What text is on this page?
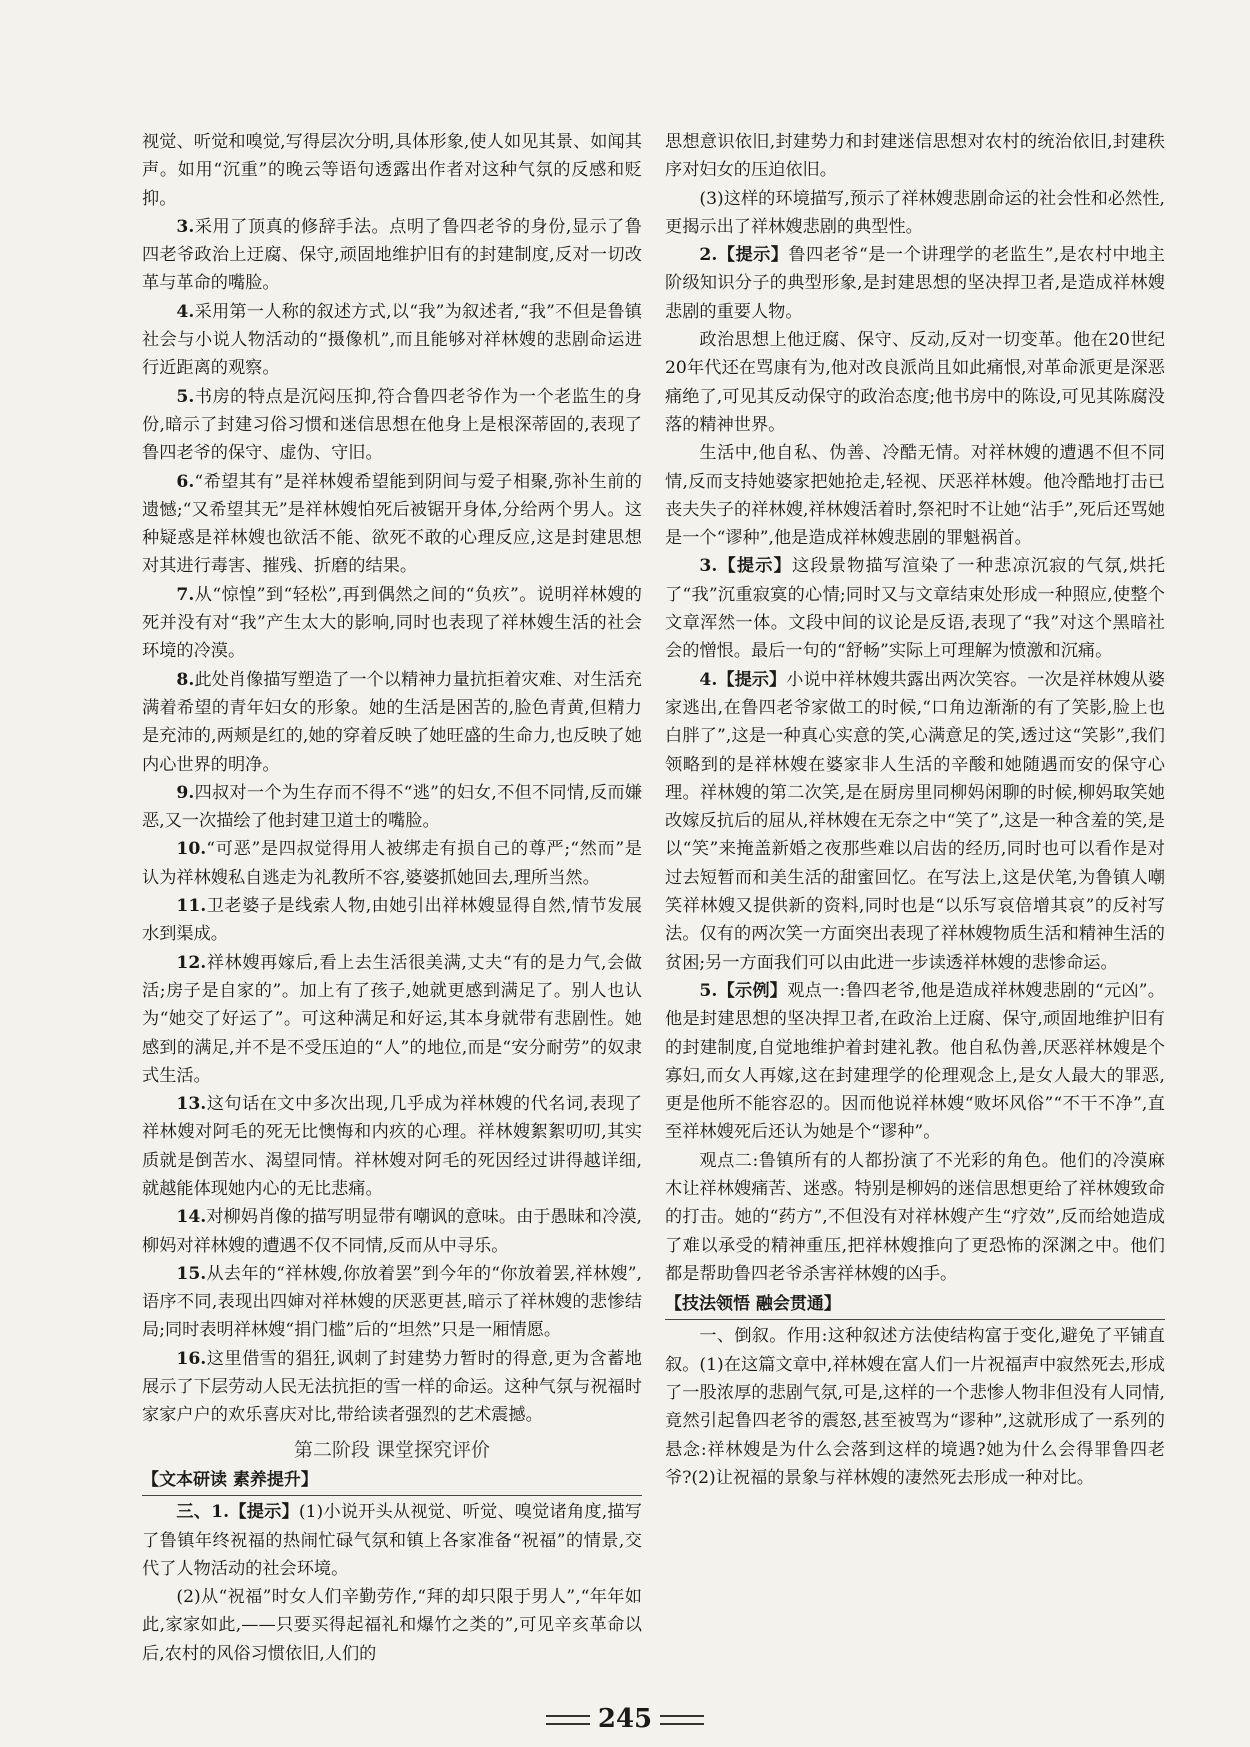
视觉、听觉和嗅觉,写得层次分明,具体形象,使人如见其景、如闻其声。如用“沉重”的晚云等语句透露出作者对这种气氛的反感和贬抑。

3.采用了顶真的修辞手法。点明了鲁四老爷的身份,显示了鲁四老爷政治上迂腐、保守,顽固地维护旧有的封建制度,反对一切改革与革命的嘴脸。

4.采用第一人称的叙述方式,以“我”为叙述者,“我”不但是鲁镇社会与小说人物活动的“摄像机”,而且能够对祥林嫂的悲剧命运进行近距离的观察。

5.书房的特点是沉闷压抑,符合鲁四老爷作为一个老监生的身份,暗示了封建习俗习惯和迷信思想在他身上是根深蒂固的,表现了鲁四老爷的保守、虚伪、守旧。

6.“希望其有”是祥林嫂希望能到阴间与爱子相聚,弥补生前的遗憾;“又希望其无”是祥林嫂怕死后被锯开身体,分给两个男人。这种疑惑是祥林嫂也欲活不能、欲死不敢的心理反应,这是封建思想对其进行毒害、摧残、折磨的结果。

7.从“惊惶”到“轻松”,再到偶然之间的“负疚”。说明祥林嫂的死并没有对“我”产生太大的影响,同时也表现了祥林嫂生活的社会环境的冷漠。

8.此处肖像描写塑造了一个以精神力量抗拒着灾难、对生活充满着希望的青年妇女的形象。她的生活是困苦的,脸色青黄,但精力是充沛的,两颊是红的,她的穿着反映了她旺盛的生命力,也反映了她内心世界的明净。

9.四叔对一个为生存而不得不“逃”的妇女,不但不同情,反而嫌恶,又一次描绘了他封建卫道士的嘴脸。

10.“可恶”是四叔觉得用人被绑走有损自己的尊严;“然而”是认为祥林嫂私自逃走为礼教所不容,婆婆抓她回去,理所当然。

11.卫老婆子是线索人物,由她引出祥林嫂显得自然,情节发展水到渠成。

12.祥林嫂再嫁后,看上去生活很美满,丈夫“有的是力气,会做活;房子是自家的”。加上有了孩子,她就更感到满足了。别人也认为“她交了好运了”。可这种满足和好运,其本身就带有悲剧性。她感到的满足,并不是不受压迫的“人”的地位,而是“安分耐劳”的奴隶式生活。

13.这句话在文中多次出现,几乎成为祥林嫂的代名词,表现了祥林嫂对阿毛的死无比懊悔和内疚的心理。祥林嫂絮絮叨叨,其实质就是倒苦水、渴望同情。祥林嫂对阿毛的死因经过讲得越详细,就越能体现她内心的无比悲痛。

14.对柳妈肖像的描写明显带有嘲讽的意味。由于愚昧和冷漠,柳妈对祥林嫂的遭遇不仅不同情,反而从中寻乐。

15.从去年的“祥林嫂,你放着罢”到今年的“你放着罢,祥林嫂”,语序不同,表现出四婶对祥林嫂的厌恶更甚,暗示了祥林嫂的悲惨结局;同时表明祥林嫂“捐门槛”后的“坦然”只是一厢情愿。

16.这里借雪的猖狂,讽刺了封建势力暂时的得意,更为含蓄地展示了下层劳动人民无法抗拒的雪一样的命运。这种气氛与祝福时家家户户的欢乐喜庆对比,带给读者强烈的艺术震撼。

第二阶段 课堂探究评价
【文本研读 素养提升】

三、1.【提示】(1)小说开头从视觉、听觉、嗅觉诸角度,描写了鲁镇年终祝福的热闹忙碌气氛和镇上各家准备“祝福”的情景,交代了人物活动的社会环境。

(2)从“祝福”时女人们辛勤劳作,“拜的却只限于男人”,“年年如此,家家如此,——只要买得起福礼和爆竹之类的”,可见辛亥革命以后,农村的风俗习惯依旧,人们的

思想意识依旧,封建势力和封建迷信思想对农村的统治依旧,封建秩序对妇女的压迫依旧。

(3)这样的环境描写,预示了祥林嫂悲剧命运的社会性和必然性,更揭示出了祥林嫂悲剧的典型性。

2.【提示】鲁四老爷“是一个讲理学的老监生”,是农村中地主阶级知识分子的典型形象,是封建思想的坚决捍卫者,是造成祥林嫂悲剧的重要人物。

政治思想上他迂腐、保守、反动,反对一切变革。他在20世纪20年代还在骂康有为,他对改良派尚且如此痛恨,对革命派更是深恶痛绝了,可见其反动保守的政治态度;他书房中的陈设,可见其陈腐没落的精神世界。

生活中,他自私、伪善、冷酷无情。对祥林嫂的遭遇不但不同情,反而支持她婆家把她抢走,轻视、厌恶祥林嫂。他冷酷地打击已丧夫失子的祥林嫂,祥林嫂活着时,祭祀时不让她“沾手”,死后还骂她是一个“谬种”,他是造成祥林嫂悲剧的罪魁祸首。

3.【提示】这段景物描写渲染了一种悲凉沉寂的气氛,烘托了“我”沉重寂寞的心情;同时又与文章结束处形成一种照应,使整个文章浑然一体。文段中间的议论是反语,表现了“我”对这个黑暗社会的憎恨。最后一句的“舒畅”实际上可理解为愤激和沉痛。

4.【提示】小说中祥林嫂共露出两次笑容。一次是祥林嫂从婆家逃出,在鲁四老爷家做工的时候,“口角边渐渐的有了笑影,脸上也白胖了”,这是一种真心实意的笑,心满意足的笑,透过这“笑影”,我们领略到的是祥林嫂在婆家非人生活的辛酸和她随遇而安的保守心理。祥林嫂的第二次笑,是在厨房里同柳妈闲聊的时候,柳妈取笑她改嫁反抗后的屈从,祥林嫂在无奈之中“笑了”,这是一种含羞的笑,是以“笑”来掩盖新婚之夜那些难以启齿的经历,同时也可以看作是对过去短暂而和美生活的甜蜜回忆。在写法上,这是伏笔,为鲁镇人嘲笑祥林嫂又提供新的资料,同时也是“以乐写哀倍增其哀”的反衬写法。仅有的两次笑一方面突出表现了祥林嫂物质生活和精神生活的贫困;另一方面我们可以由此进一步读透祥林嫂的悲惨命运。

5.【示例】观点一:鲁四老爷,他是造成祥林嫂悲剧的“元凶”。他是封建思想的坚决捍卫者,在政治上迂腐、保守,顽固地维护旧有的封建制度,自觉地维护着封建礼教。他自私伪善,厌恶祥林嫂是个寡妇,而女人再嫁,这在封建理学的伦理观念上,是女人最大的罪恶,更是他所不能容忍的。因而他说祥林嫂“败坏风俗”“不干不净”,直至祥林嫂死后还认为她是个“谬种”。

观点二:鲁镇所有的人都扮演了不光彩的角色。他们的冷漠麻木让祥林嫂痛苦、迷惑。特别是柳妈的迷信思想更给了祥林嫂致命的打击。她的“药方”,不但没有对祥林嫂产生“疗效”,反而给她造成了难以承受的精神重压,把祥林嫂推向了更恐怖的深渊之中。他们都是帮助鲁四老爷杀害祥林嫂的凶手。

【技法领悟 融会贯通】

一、倒叙。作用:这种叙述方法使结构富于变化,避免了平铺直叙。(1)在这篇文章中,祥林嫂在富人们一片祝福声中寂然死去,形成了一股浓厚的悲剧气氛,可是,这样的一个悲惨人物非但没有人同情,竟然引起鲁四老爷的震怒,甚至被骂为“谬种”,这就形成了一系列的悬念:祥林嫂是为什么会落到这样的境遇?她为什么会得罪鲁四老爷?(2)让祝福的景象与祥林嫂的凄然死去形成一种对比。

245
